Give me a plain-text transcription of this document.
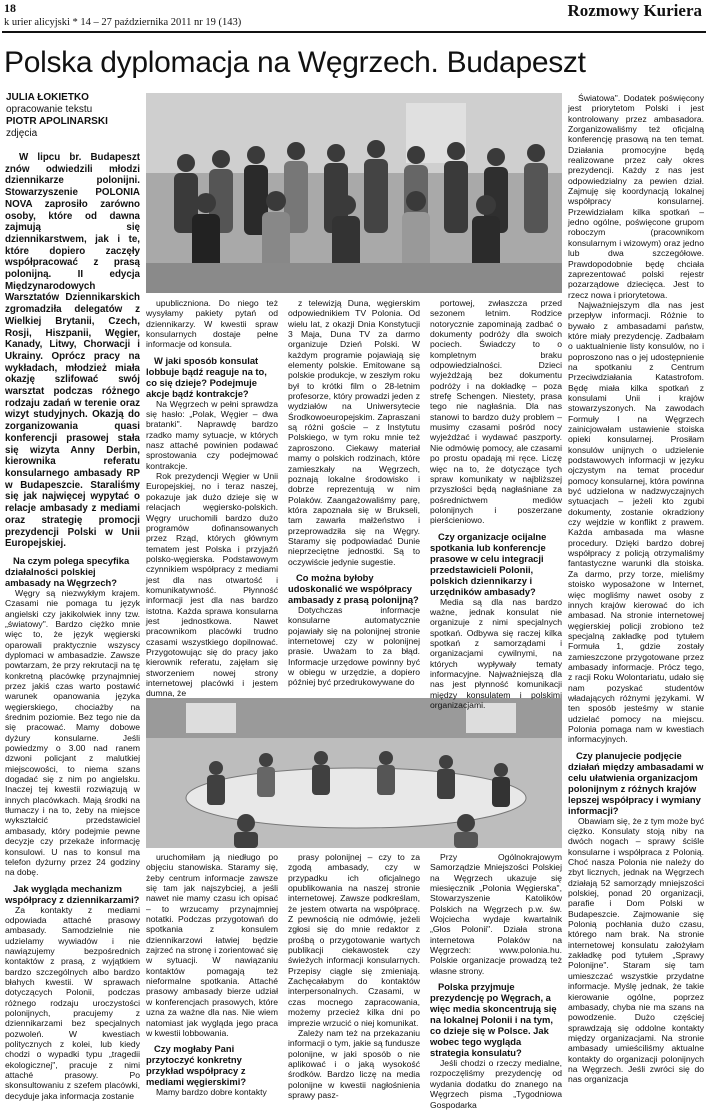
18
k urier alicyjski * 14 – 27 października 2011 nr 19 (143)
Rozmowy Kuriera
Polska dyplomacja na Węgrzech. Budapeszt
JULIA ŁOKIETKO
opracowanie tekstu
PIOTR APOLINARSKI
zdjęcia

W lipcu br. Budapeszt znów odwiedzili młodzi dziennikarze polonijni. Stowarzyszenie POLONIA NOVA zaprosiło zarówno osoby, które od dawna zajmują się dziennikarstwem, jak i te, które dopiero zaczęły współpracować z prasą polonijną. II edycja Międzynarodowych Warsztatów Dziennikarskich zgromadziła delegatów z Wielkiej Brytanii, Czech, Rosji, Hiszpanii, Węgier, Kanady, Litwy, Chorwacji i Ukrainy. Oprócz pracy na wykładach, młodzież miała okazję szlifować swój warsztat podczas różnego rodzaju zadań w terenie oraz wizyt studyjnych. Okazją do zorganizowania quasi konferencji prasowej stała się wizyta Anny Derbin, kierownika referatu konsularnego ambasady RP w Budapeszcie. Staraliśmy się jak najwięcej wypytać o relacje ambasady z mediami oraz strategię promocji prezydencji Polski w Unii Europejskiej.

Na czym polega specyfika działalności polskiej ambasady na Węgrzech?

Węgry są niezwykłym krajem. Czasami nie pomaga tu język angielski czy jakikolwiek inny tzw. „światowy". Bardzo ciężko mnie więc to, że język węgierski oparowali praktycznie wszyscy dyplomaci w ambasadzie. Zawsze powtarzam, że przy rekrutacji na tę konkretną placówkę przynajmniej przez jakiś czas warto postawić warunek opanowania języka węgierskiego, chociażby na średnim poziomie. Bez tego nie da się pracować. Mamy dobowe dyżury konsularne. Jeśli powiedzmy o 3.00 nad ranem dzwoni policjant z malutkiej miejscowości, to niema szans dogadać się z nim po angielsku. Inaczej tej kwestii rozwiązują w innych placówkach. Mają środki na tłumaczy i na to, żeby na miejsce wykształcić przedstawiciel ambasady, który podejmie pewne decyzje czy przekaże informację konsulowi. U nas to konsul ma telefon dyżurny przez 24 godziny na dobę.

Jak wygląda mechanizm współpracy z dziennikarzami?

Za kontakty z mediami odpowiada attaché prasowy ambasady. Samodzielnie nie udzielamy wywiadów i nie nawiązujemy bezpośrednich kontaktów z prasą, z wyjątkiem bardzo szczególnych albo bardzo błahych kwestii. W sprawach dotyczących Polonii, podczas różnego rodzaju uroczystości polonijnych, pracujemy z dziennikarzami bez specjalnych pozwoleń. W kwestiach politycznych z kolei, lub kiedy chodzi o wypadki typu „tragedii ekologicznej", pracuje z nimi attaché prasowy. Po skonsultowaniu z szefem placówki, decyduje jaka informacja zostanie

upubliczniona. Do niego też wysyłamy pakiety pytań od dziennikarzy. W kwestii spraw konsularnych dostaje pełne informacje od konsula.

W jaki sposób konsulat lobbuje bądź reaguje na to, co się dzieje? Podejmuje akcje bądź kontrakcje?

Na Węgrzech w pełni sprawdza się hasło: „Polak, Węgier – dwa bratanki". Naprawdę bardzo rzadko mamy sytuacje, w których nasz attaché powinien podawać sprostowania czy podejmować kontrakcje.

Rok prezydencji Węgier w Unii Europejskiej, no i teraz naszej, pokazuje jak dużo dzieje się w relacjach węgiersko-polskich. Węgry uruchomili bardzo dużo programów dofinansowanych przez Rząd, których głównym tematem jest Polska i przyjaźń polsko-węgierska. Podstawowym czynnikiem współpracy z mediami jest dla nas otwartość i komunikatywność. Płynność informacji jest dla nas bardzo istotna. Każda sprawa konsularna jest jednostkowa. Nawet pracownikom placówki trudno czasami wszystkiego dopilnować. Przygotowując się do pracy jako kierownik referatu, zajęłam się stworzeniem nowej strony internetowej placówki i jestem dumna, że

z telewizją Duna, węgierskim odpowiednikiem TV Polonia. Od wielu lat, z okazji Dnia Konstytucji 3 Maja, Duna TV za darmo organizuje Dzień Polski. W każdym programie pojawiają się elementy polskie. Emitowane są polskie produkcje, w zeszłym roku był to krótki film o 28-letnim profesorze, który prowadzi jeden z wydziałów na Uniwersytecie Środkowoeuropejskim. Zapraszani są różni goście – z Instytutu Polskiego, w tym roku mnie też zaproszono. Ciekawy materiał mamy o polskich rodzinach, które zamieszkały na Węgrzech, poznają lokalne środowisko i dobrze reprezentują w nim Polaków. Zaangażowaliśmy parę, która zapoznała się w Brukseli, tam zawarła małżeństwo i przeprowadziła się na Węgry. Staramy się podpowiadać Dunie nieprzeciętne jednostki. Są to oczywiście jedynie sugestie.

Co można byłoby udoskonalić we współpracy ambasady z prasą polonijną?

Dotychczas informacje konsularne automatycznie pojawiały się na polonijnej stronie internetowej czy w polonijnej prasie. Uważam to za błąd. Informacje urzędowe powinny być w obiegu w urzędzie, a dopiero później być przedrukowywane do

portowej, zwłaszcza przed sezonem letnim. Rodzice notorycznie zapominają zadbać o dokumenty podróży dla swoich pociech. Świadczy to o kompletnym braku odpowiedzialności. Dzieci wyjeżdżają bez dokumentu podróży i na dokładkę – poza strefę Schengen. Niestety, prasa tego nie nagłaśnia. Dla nas stanowi to bardzo duży problem – musimy czasami pośród nocy wyjeżdżać i wydawać paszporty. Nie odmówię pomocy, ale czasami po prostu opadają mi ręce. Liczę więc na to, że dotyczące tych spraw komunikaty w najbliższej przyszłości będą nagłaśniane za pośrednictwem mediów polonijnych i poszerzane pierścieniowo.

Czy organizacje ocijalne spotkania lub konferencje prasowe w celu integracji przedstawicieli Polonii, polskich dziennikarzy i urzędników ambasady?

Media są dla nas bardzo ważne, jednak konsulat nie organizuje z nimi specjalnych spotkań. Odbywa się raczej kilka spotkań z samorządami i organizacjami cywilnymi, na których wypływały tematy informacyjne. Najważniejszą dla nas jest płynność komunikacji między konsulatem i polskimi organizacjami.

Światowa". Dodatek poświęcony jest priorytetom Polski i jest kontrolowany przez ambasadora. Zorganizowaliśmy też oficjalną konferencję prasową na ten temat. Działania promocyjne będą realizowane przez cały okres prezydencji. Każdy z nas jest odpowiedzialny za pewien dział. Zajmuję się koordynacją lokalnej współpracy konsularnej. Przewidziałam kilka spotkań – jedno ogólne, poświęcone grupom roboczym (pracownikom konsularnym i wizowym) oraz jedno lub dwa szczegółowe. Prawdopodobnie będę chciała zaprezentować polski rejestr pozarządowe dziecięca. Jest to rzecz nowa i priorytetowa.

Najważniejszym dla nas jest przepływ informacji. Różnie to bywało z ambasadami państw, które miały prezydencję. Zadbałam o uaktualnienie listy konsulów, no i poproszono nas o jej udostępnienie na spotkaniu z Centrum Przeciwdziałania Katastrofom. Będę miała kilka spotkań z konsulami Unii i krajów stowarzyszonych. Na zawodach Formuły I na Węgrzech zainicjowałam ustawienie stoiska opieki konsularnej. Prosiłam konsulów unijnych o udzielenie podstawowych informacji w języku ojczystym na temat procedur pomocy konsularnej, która powinna być udzielona w nadzwyczajnych sytuacjach – jeżeli kto zgubi dokumenty, zostanie okradziony czy wejdzie w konflikt z prawem. Każda ambasada ma własne procedury. Dzięki bardzo dobrej współpracy z policją otrzymaliśmy fantastyczne warunki dla stoiska. Za darmo, przy torze, mieliśmy stoisko wyposażone w Internet, więc mogliśmy nawet osoby z innych krajów kierować do ich ambasad. Na stronie internetowej węgierskiej policji zrobiono też specjalną zakładkę pod tytułem Formuła 1, gdzie zostały zamieszczone przygotowane przez ambasady informacje. Prócz tego, z racji Roku Wolontariatu, udało się nam pozyskać studentów władających różnymi językami. W ten sposób jesteśmy w stanie udzielać pomocy na miejscu. Polonia pomaga nam w kwestiach informacyjnych.

Czy planujecie podjęcie działań między ambasadami w celu ułatwienia organizacjom polonijnym z różnych krajów lepszej współpracy i wymiany informacji?

Obawiam się, że z tym może być ciężko. Konsulaty stoją niby na dwóch nogach – sprawy ściśle konsularne i współpraca z Polonią. Choć nasza Polonia nie należy do zbyt licznych, jednak na Węgrzech działają 52 samorządy mniejszości polskiej, ponad 20 organizacji, parafie i Dom Polski w Budapeszcie. Zajmowanie się Polonią pochłania dużo czasu, którego nam brak. Na stronie internetowej konsulatu założyłam zakładkę pod tytułem „Sprawy Polonijne". Staram się tam umieszczać wszystkie przydatne informacje. Myślę jednak, że takie kierowanie ogólne, poprzez ambasady, chyba nie ma szans na powodzenie. Dużo częściej sprawdzają się oddolne kontakty między organizacjami. Na stronie ambasady umieściliśmy aktualne kontakty do organizacji polonijnych na Węgrzech. Jeśli zwróci się do nas organizacja

uruchomiłam ją niedługo po objęciu stanowiska. Staramy się, żeby centrum informacje zawsze się tam jak najszybciej, a jeśli nawet nie mamy czasu ich opisać – to wrzucamy przynajmniej notatki. Podczas przygotowań do spotkania z konsulem dziennikarzowi łatwiej będzie zajrzeć na stronę i zorientować się w sytuacji. W nawiązaniu kontaktów pomagają też nieformalne spotkania. Attaché prasowy ambasady bierze udział w konferencjach prasowych, które uzna za ważne dla nas. Nie wiem natomiast jak wygląda jego praca w kwestii lobbowania.

Czy mogłaby Pani przytoczyć konkretny przykład współpracy z mediami węgierskimi?

Mamy bardzo dobre kontakty

prasy polonijnej – czy to za zgodą ambasady, czy w przypadku ich oficjalnego opublikowania na naszej stronie internetowej. Zawsze podkreślam, że jestem otwarta na współpracę. Z pewnością nie odmówię, jeżeli zgłosi się do mnie redaktor z prośbą o przygotowanie wartych publikacji ciekawostek czy świeżych informacji konsularnych. Przepisy ciągle się zmieniają. Zachęcałabym do kontaktów interpersonalnych. Czasami, w czas mocnego zapracowania, możemy przecież kilka dni po imprezie wrzucić o niej komunikat.

Zależy nam też na przekazaniu informacji o tym, jakie są fundusze polonijne, w jaki sposób o nie aplikować i o jaką wysokość środków. Bardzo liczę na media polonijne w kwestii nagłośnienia sprawy pasz-

Przy Ogólnokrajowym Samorządzie Mniejszości Polskiej na Węgrzech ukazuje się miesięcznik „Polonia Węgierska", Stowarzyszenie Katolików Polskich na Węgrzech p.w. św. Wojciecha wydaje kwartalnik „Głos Polonii". Działa strona internetowa Polaków na Węgrzech: www.polonia.hu. Polskie organizacje prowadzą też własne strony.

Polska przyjmuje prezydencję po Węgrach, a więc media skoncentrują się na lokalnej Polonii i na tym, co dzieje się w Polsce. Jak wobec tego wygląda strategia konsulatu?

Jeśli chodzi o rzeczy medialne, rozpoczęliśmy prezydencję od wydania dodatku do znanego na Węgrzech pisma „Tygodniowa Gospodarka
